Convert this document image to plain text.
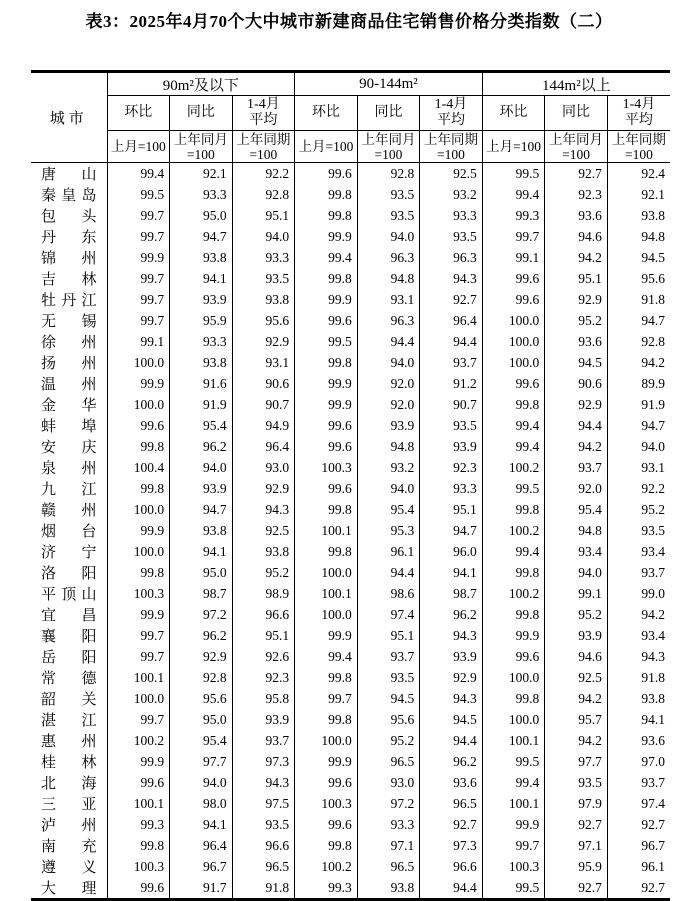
表3：2025年4月70个大中城市新建商品住宅销售价格分类指数（二）
城市	90m²及以下			90-144m²			144m²以上		

环比	同比

1-4月
平均

环比	同比

1-4月
平均

环比	同比

1-4月
平均

上月=100	上年同月
=100

上年同期
=100	上月=100	上年同月
=100

上年同期
=100	上月=100	上年同月
=100

上年同期
=100

唐山	99.4	92.1	92.2	99.6	92.8	92.5	99.5	92.7	92.4
秦皇岛	99.5	93.3	92.8	99.8	93.5	93.2	99.4	92.3	92.1
包头	99.7	95.0	95.1	99.8	93.5	93.3	99.3	93.6	93.8
丹东	99.7	94.7	94.0	99.9	94.0	93.5	99.7	94.6	94.8
锦州	99.9	93.8	93.3	99.4	96.3	96.3	99.1	94.2	94.5
吉林	99.7	94.1	93.5	99.8	94.8	94.3	99.6	95.1	95.6
牡丹江	99.7	93.9	93.8	99.9	93.1	92.7	99.6	92.9	91.8
无锡	99.7	95.9	95.6	99.6	96.3	96.4	100.0	95.2	94.7
徐州	99.1	93.3	92.9	99.5	94.4	94.4	100.0	93.6	92.8
扬州	100.0	93.8	93.1	99.8	94.0	93.7	100.0	94.5	94.2
温州	99.9	91.6	90.6	99.9	92.0	91.2	99.6	90.6	89.9
金华	100.0	91.9	90.7	99.9	92.0	90.7	99.8	92.9	91.9
蚌埠	99.6	95.4	94.9	99.6	93.9	93.5	99.4	94.4	94.7
安庆	99.8	96.2	96.4	99.6	94.8	93.9	99.4	94.2	94.0
泉州	100.4	94.0	93.0	100.3	93.2	92.3	100.2	93.7	93.1
九江	99.8	93.9	92.9	99.6	94.0	93.3	99.5	92.0	92.2
赣州	100.0	94.7	94.3	99.8	95.4	95.1	99.8	95.4	95.2
烟台	99.9	93.8	92.5	100.1	95.3	94.7	100.2	94.8	93.5
济宁	100.0	94.1	93.8	99.8	96.1	96.0	99.4	93.4	93.4
洛阳	99.8	95.0	95.2	100.0	94.4	94.1	99.8	94.0	93.7
平顶山	100.3	98.7	98.9	100.1	98.6	98.7	100.2	99.1	99.0
宜昌	99.9	97.2	96.6	100.0	97.4	96.2	99.8	95.2	94.2
襄阳	99.7	96.2	95.1	99.9	95.1	94.3	99.9	93.9	93.4
岳阳	99.7	92.9	92.6	99.4	93.7	93.9	99.6	94.6	94.3
常德	100.1	92.8	92.3	99.8	93.5	92.9	100.0	92.5	91.8
韶关	100.0	95.6	95.8	99.7	94.5	94.3	99.8	94.2	93.8
湛江	99.7	95.0	93.9	99.8	95.6	94.5	100.0	95.7	94.1
惠州	100.2	95.4	93.7	100.0	95.2	94.4	100.1	94.2	93.6
桂林	99.9	97.7	97.3	99.9	96.5	96.2	99.5	97.7	97.0
北海	99.6	94.0	94.3	99.6	93.0	93.6	99.4	93.5	93.7
三亚	100.1	98.0	97.5	100.3	97.2	96.5	100.1	97.9	97.4
泸州	99.3	94.1	93.5	99.6	93.3	92.7	99.9	92.7	92.7
南充	99.8	96.4	96.6	99.8	97.1	97.3	99.7	97.1	96.7
遵义	100.3	96.7	96.5	100.2	96.5	96.6	100.3	95.9	96.1
大理	99.6	91.7	91.8	99.3	93.8	94.4	99.5	92.7	92.7
